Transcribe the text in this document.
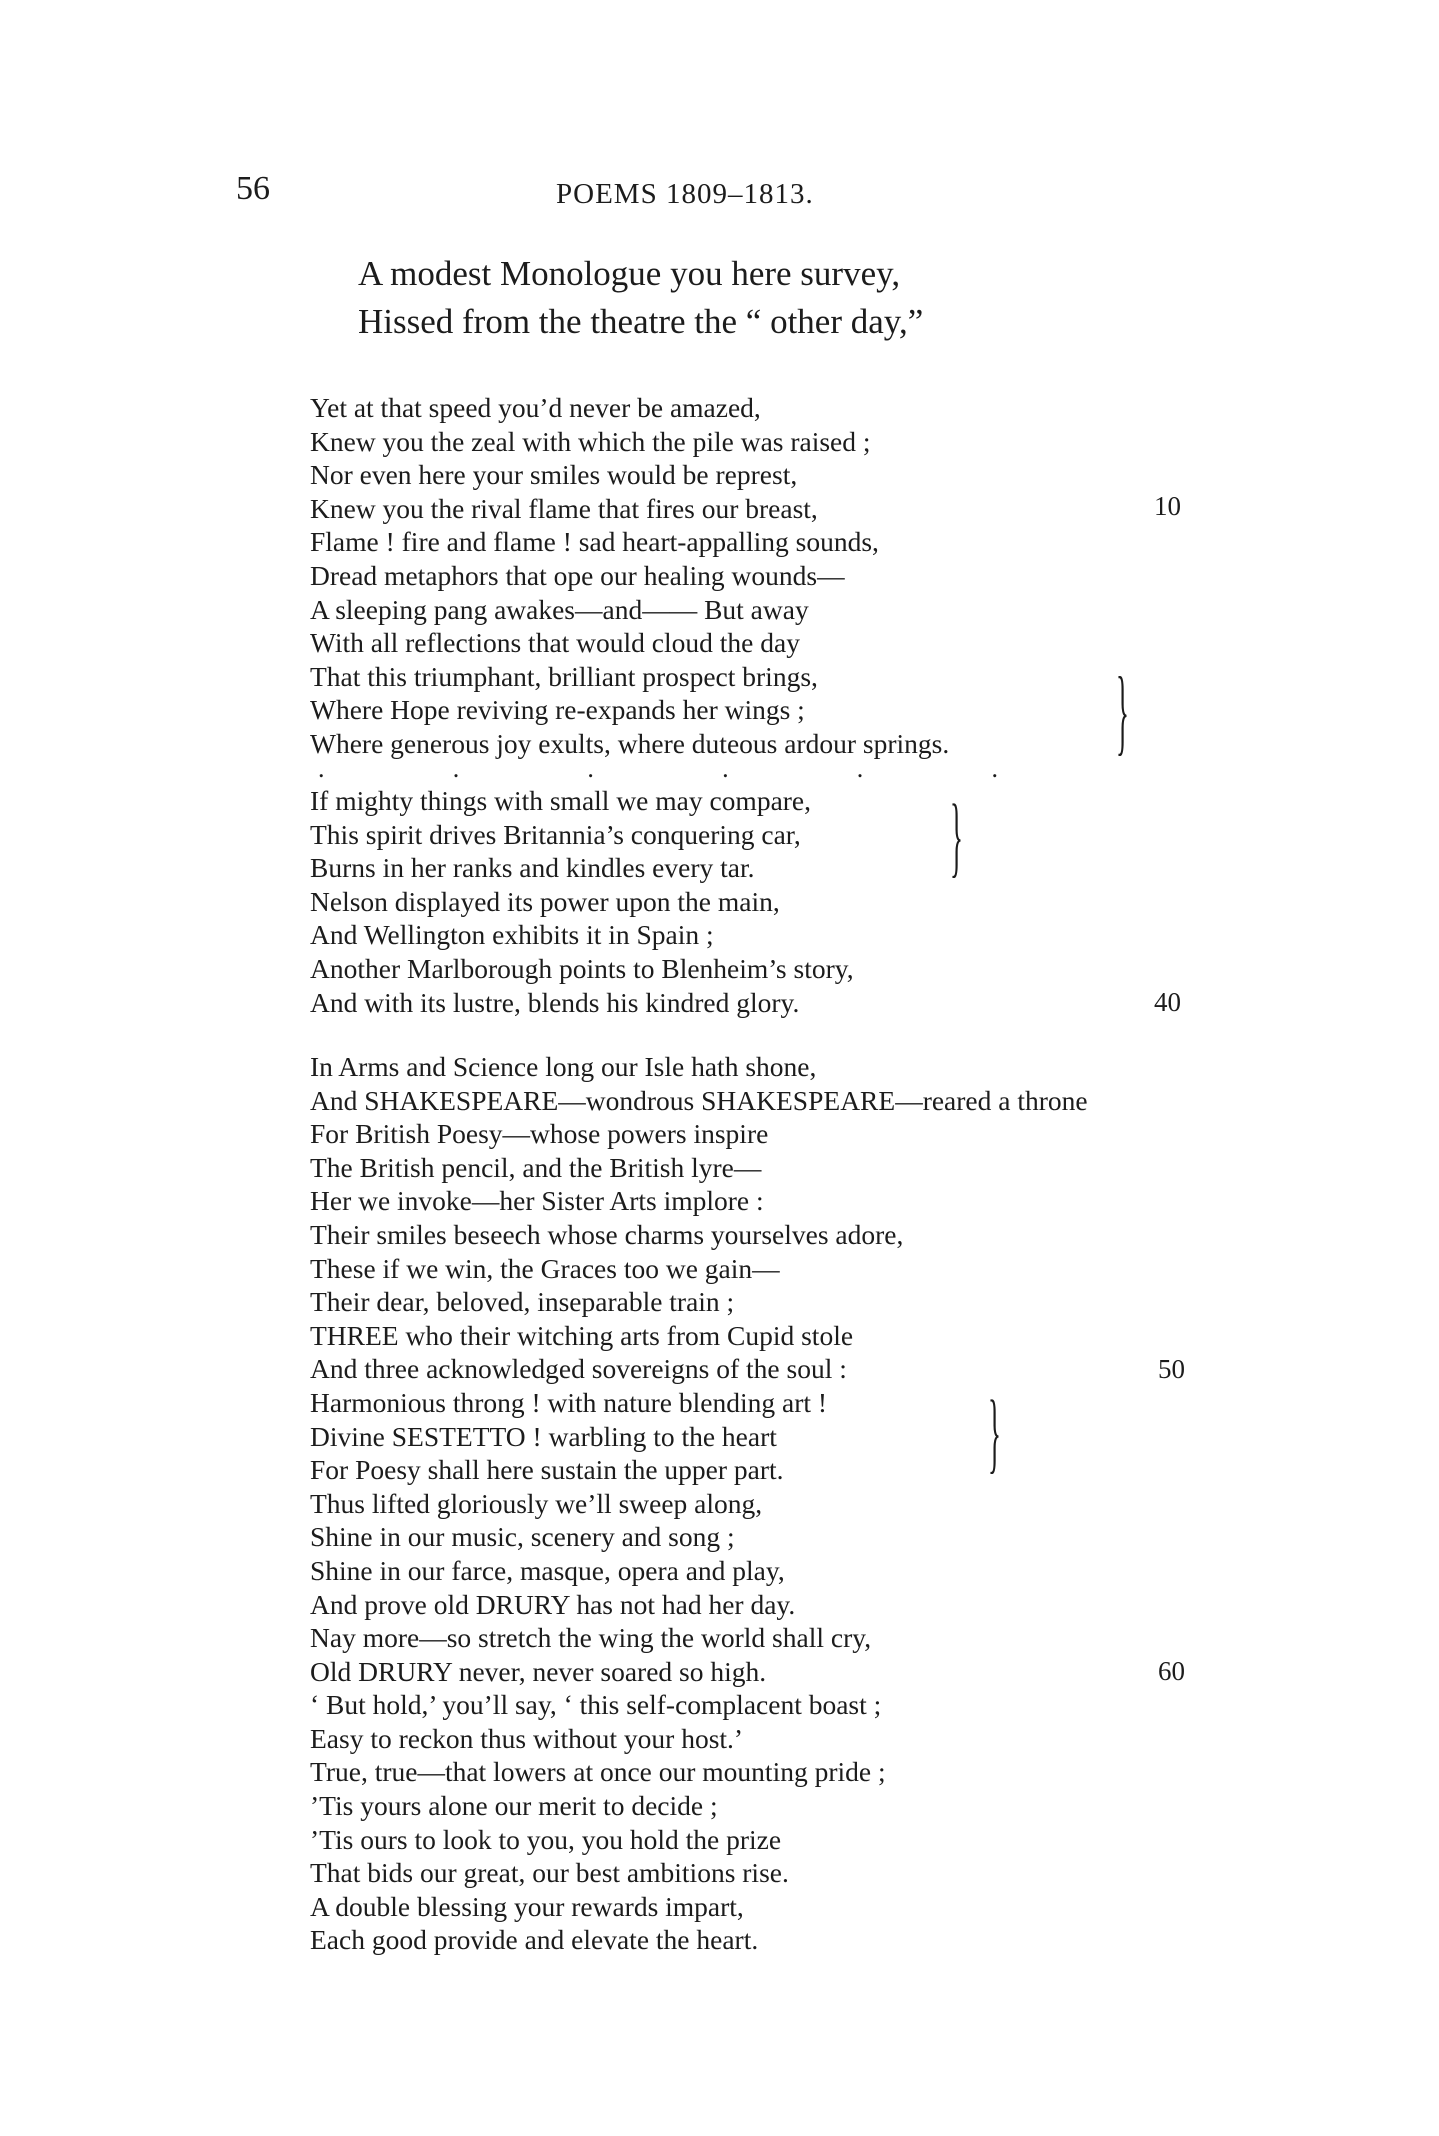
56	POEMS 1809–1813.
A modest Monologue you here survey,
Hissed from the theatre the “ other day,”
Yet at that speed you’d never be amazed,
Knew you the zeal with which the pile was raised ;
Nor even here your smiles would be represt,
Knew you the rival flame that fires our breast,
Flame ! fire and flame ! sad heart-appalling sounds,
Dread metaphors that ope our healing wounds—
A sleeping pang awakes—and—— But away
With all reflections that would cloud the day
That this triumphant, brilliant prospect brings,
Where Hope reviving re-expands her wings ;
Where generous joy exults, where duteous ardour springs.
.	.	.	.	.	.
If mighty things with small we may compare,
This spirit drives Britannia’s conquering car,
Burns in her ranks and kindles every tar.
Nelson displayed its power upon the main,
And Wellington exhibits it in Spain ;
Another Marlborough points to Blenheim’s story,
And with its lustre, blends his kindred glory.
In Arms and Science long our Isle hath shone,
And SHAKESPEARE—wondrous SHAKESPEARE—reared a throne
For British Poesy—whose powers inspire
The British pencil, and the British lyre—
Her we invoke—her Sister Arts implore :
Their smiles beseech whose charms yourselves adore,
These if we win, the Graces too we gain—
Their dear, beloved, inseparable train ;
THREE who their witching arts from Cupid stole
And three acknowledged sovereigns of the soul :
Harmonious throng ! with nature blending art !
Divine SESTETTO ! warbling to the heart
For Poesy shall here sustain the upper part.
Thus lifted gloriously we’ll sweep along,
Shine in our music, scenery and song ;
Shine in our farce, masque, opera and play,
And prove old DRURY has not had her day.
Nay more—so stretch the wing the world shall cry,
Old DRURY never, never soared so high.
‘ But hold,’ you’ll say, ‘ this self-complacent boast ;
Easy to reckon thus without your host.’
True, true—that lowers at once our mounting pride ;
’Tis yours alone our merit to decide ;
’Tis ours to look to you, you hold the prize
That bids our great, our best ambitions rise.
A double blessing your rewards impart,
Each good provide and elevate the heart.
10
40
50
60
}
}
}
